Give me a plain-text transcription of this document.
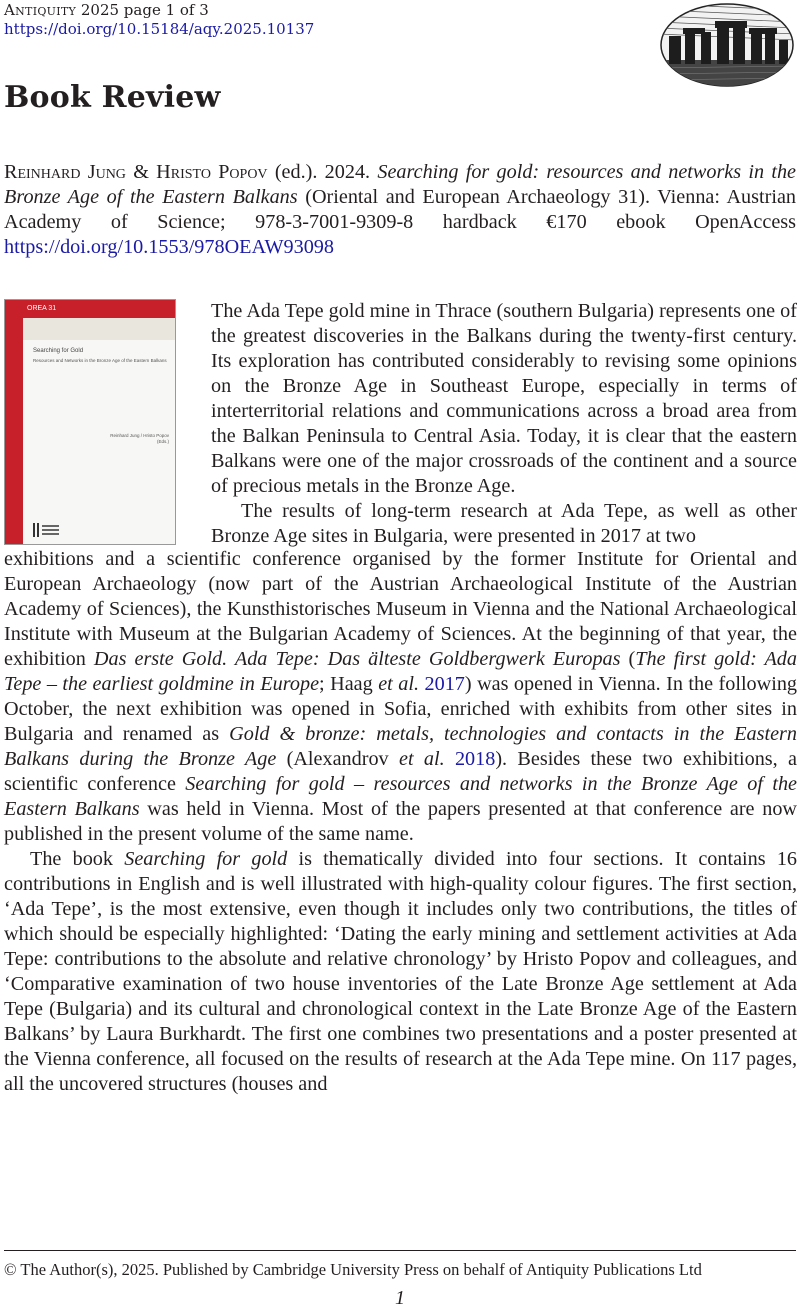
Antiquity 2025 page 1 of 3
https://doi.org/10.15184/aqy.2025.10137
Book Review
Reinhard Jung & Hristo Popov (ed.). 2024. Searching for gold: resources and networks in the Bronze Age of the Eastern Balkans (Oriental and European Archaeology 31). Vienna: Austrian Academy of Science; 978-3-7001-9309-8 hardback €170 ebook OpenAccess https://doi.org/10.1553/978OEAW93098
OREA 31
Searching for Gold
Resources and Networks in the Bronze Age of the Eastern Balkans
Reinhard Jung / Hristo Popov (Eds.)

The Ada Tepe gold mine in Thrace (southern Bulgaria) represents one of the greatest discoveries in the Balkans during the twenty-first century. Its exploration has contributed considerably to revising some opinions on the Bronze Age in Southeast Europe, especially in terms of interterritorial relations and communications across a broad area from the Balkan Peninsula to Central Asia. Today, it is clear that the eastern Balkans were one of the major crossroads of the continent and a source of precious metals in the Bronze Age.

The results of long-term research at Ada Tepe, as well as other Bronze Age sites in Bulgaria, were presented in 2017 at two

exhibitions and a scientific conference organised by the former Institute for Oriental and European Archaeology (now part of the Austrian Archaeological Institute of the Austrian Academy of Sciences), the Kunsthistorisches Museum in Vienna and the National Archaeological Institute with Museum at the Bulgarian Academy of Sciences. At the beginning of that year, the exhibition Das erste Gold. Ada Tepe: Das älteste Goldbergwerk Europas (The first gold: Ada Tepe – the earliest goldmine in Europe; Haag et al. 2017) was opened in Vienna. In the following October, the next exhibition was opened in Sofia, enriched with exhibits from other sites in Bulgaria and renamed as Gold & bronze: metals, technologies and contacts in the Eastern Balkans during the Bronze Age (Alexandrov et al. 2018). Besides these two exhibitions, a scientific conference Searching for gold – resources and networks in the Bronze Age of the Eastern Balkans was held in Vienna. Most of the papers presented at that conference are now published in the present volume of the same name.

The book Searching for gold is thematically divided into four sections. It contains 16 contributions in English and is well illustrated with high-quality colour figures. The first section, ‘Ada Tepe’, is the most extensive, even though it includes only two contributions, the titles of which should be especially highlighted: ‘Dating the early mining and settlement activities at Ada Tepe: contributions to the absolute and relative chronology’ by Hristo Popov and colleagues, and ‘Comparative examination of two house inventories of the Late Bronze Age settlement at Ada Tepe (Bulgaria) and its cultural and chronological context in the Late Bronze Age of the Eastern Balkans’ by Laura Burkhardt. The first one combines two presentations and a poster presented at the Vienna conference, all focused on the results of research at the Ada Tepe mine. On 117 pages, all the uncovered structures (houses and

© The Author(s), 2025. Published by Cambridge University Press on behalf of Antiquity Publications Ltd
1
